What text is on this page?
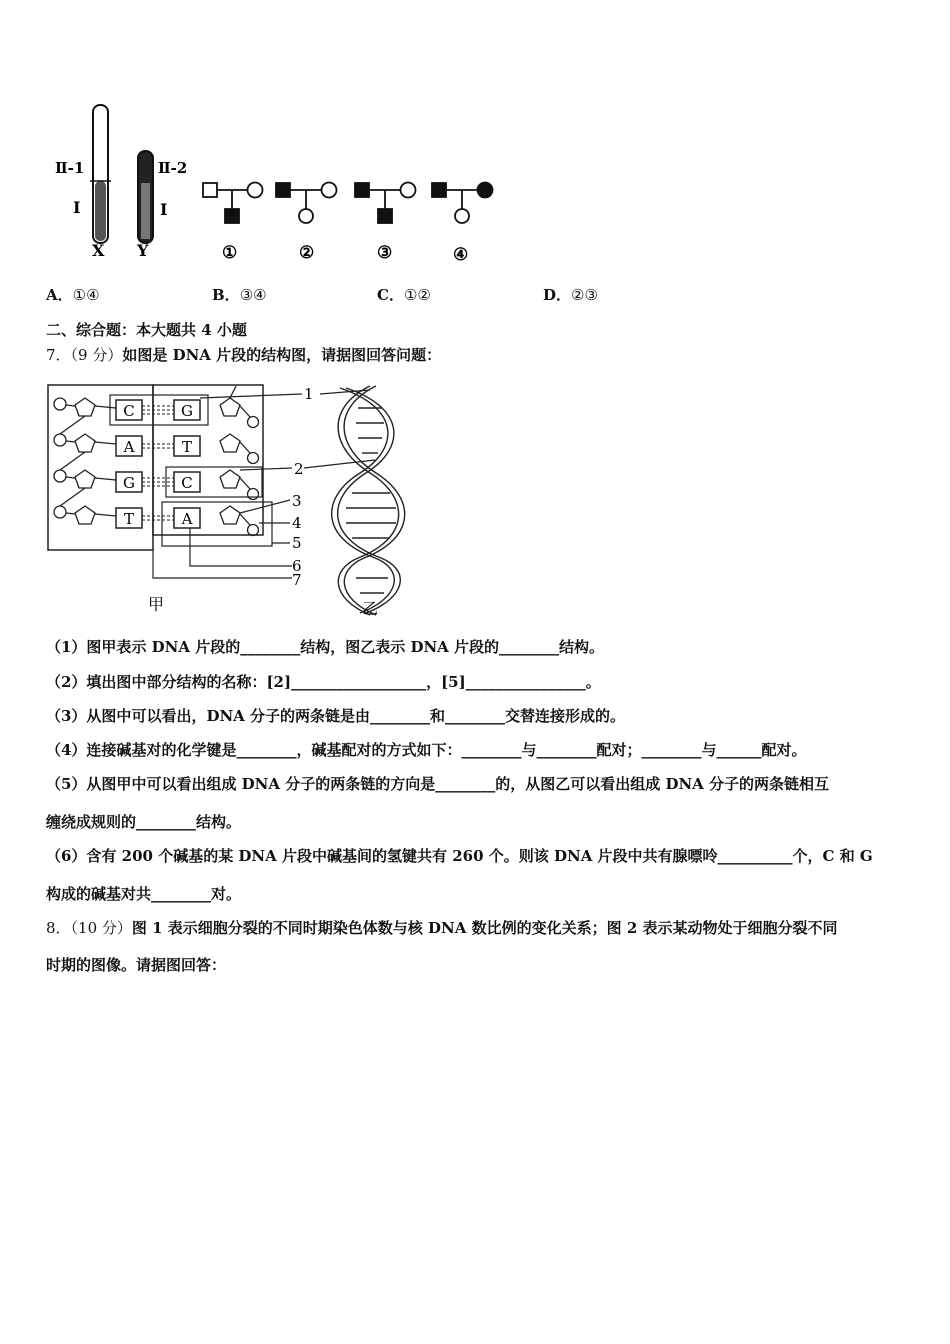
Ⅱ-1
Ⅰ
Ⅱ-2
Ⅰ
X Y	①	②	③	④
A．①④	B．③④	C．①②	D．②③
二、综合题：本大题共 4 小题
7．（9 分）如图是 DNA 片段的结构图，请据图回答问题：
C
A
G
T
G
T
C
A
1
2
3
4
5
6
7
甲	乙
（1）图甲表示 DNA 片段的________结构，图乙表示 DNA 片段的________结构。
（2）填出图中部分结构的名称：[2]__________________，[5]________________。
（3）从图中可以看出，DNA 分子的两条链是由________和________交替连接形成的。
（4）连接碱基对的化学键是________，碱基配对的方式如下：________与________配对；________与______配对。
（5）从图甲中可以看出组成 DNA 分子的两条链的方向是________的，从图乙可以看出组成 DNA 分子的两条链相互
缠绕成规则的________结构。
（6）含有 200 个碱基的某 DNA 片段中碱基间的氢键共有 260 个。则该 DNA 片段中共有腺嘌呤__________个，C 和 G
构成的碱基对共________对。
8．（10 分）图 1 表示细胞分裂的不同时期染色体数与核 DNA 数比例的变化关系；图 2 表示某动物处于细胞分裂不同
时期的图像。请据图回答：
